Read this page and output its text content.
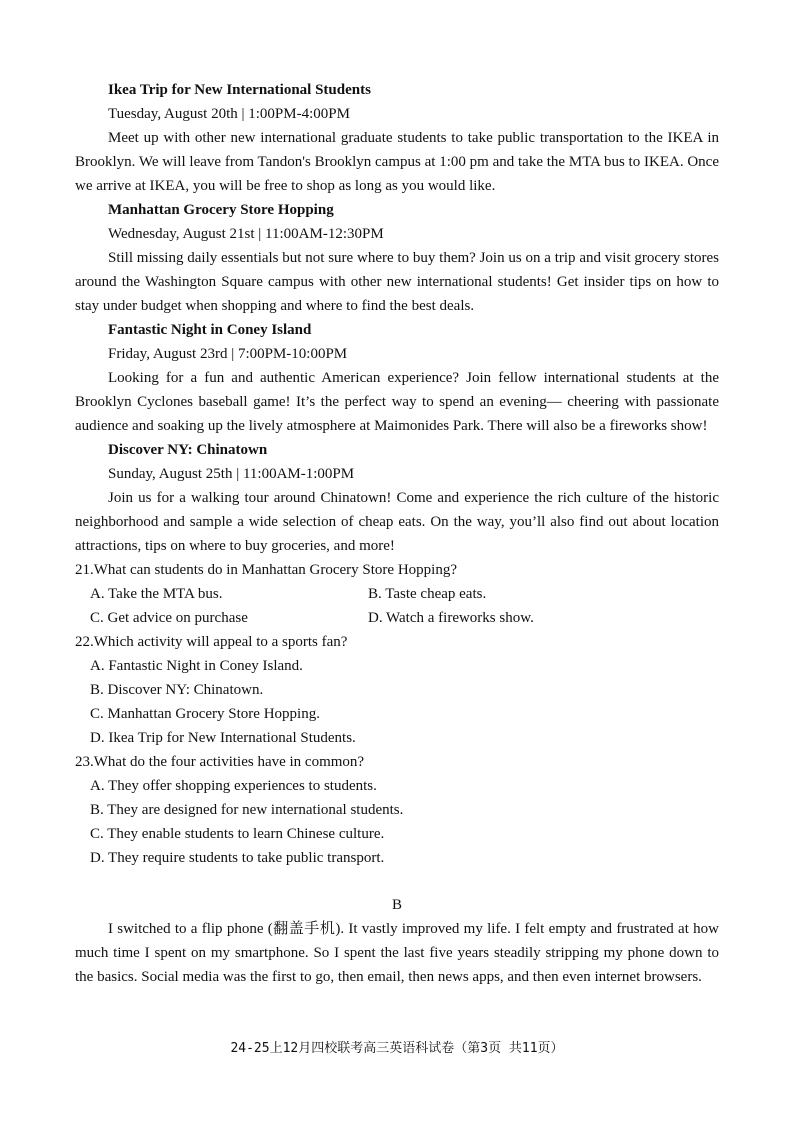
Ikea Trip for New International Students

Tuesday, August 20th | 1:00PM-4:00PM

Meet up with other new international graduate students to take public transportation to the IKEA in Brooklyn. We will leave from Tandon's Brooklyn campus at 1:00 pm and take the MTA bus to IKEA. Once we arrive at IKEA, you will be free to shop as long as you would like.

Manhattan Grocery Store Hopping

Wednesday, August 21st | 11:00AM-12:30PM

Still missing daily essentials but not sure where to buy them? Join us on a trip and visit grocery stores around the Washington Square campus with other new international students! Get insider tips on how to stay under budget when shopping and where to find the best deals.

Fantastic Night in Coney Island

Friday, August 23rd | 7:00PM-10:00PM

Looking for a fun and authentic American experience? Join fellow international students at the Brooklyn Cyclones baseball game! It’s the perfect way to spend an evening— cheering with passionate audience and soaking up the lively atmosphere at Maimonides Park. There will also be a fireworks show!

Discover NY: Chinatown

Sunday, August 25th | 11:00AM-1:00PM

Join us for a walking tour around Chinatown! Come and experience the rich culture of the historic neighborhood and sample a wide selection of cheap eats. On the way, you’ll also find out about location attractions, tips on where to buy groceries, and more!

21.What can students do in Manhattan Grocery Store Hopping?

A. Take the MTA bus.	B. Taste cheap eats.
C. Get advice on purchase	D. Watch a fireworks show.

22.Which activity will appeal to a sports fan?

A. Fantastic Night in Coney Island.

B. Discover NY: Chinatown.

C. Manhattan Grocery Store Hopping.

D. Ikea Trip for New International Students.

23.What do the four activities have in common?

A. They offer shopping experiences to students.

B. They are designed for new international students.

C. They enable students to learn Chinese culture.

D. They require students to take public transport.

B

I switched to a flip phone (翻盖手机). It vastly improved my life. I felt empty and frustrated at how much time I spent on my smartphone. So I spent the last five years steadily stripping my phone down to the basics. Social media was the first to go, then email, then news apps, and then even internet browsers.

24-25上12月四校联考高三英语科试卷（第3页 共11页）
